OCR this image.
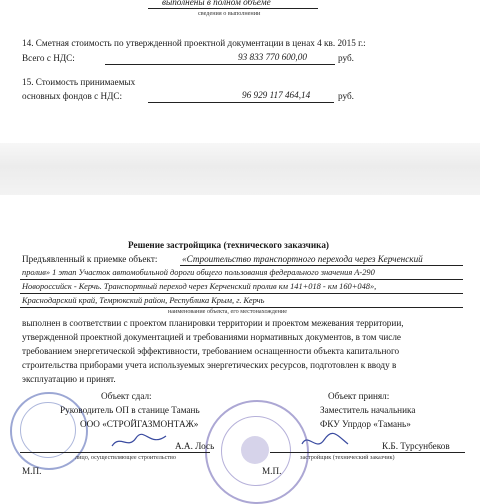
выполнены в полном объёме
сведения о выполнении
14. Сметная стоимость по утвержденной проектной документации в ценах 4 кв. 2015 г.:
Всего с НДС:	93 833 770 600,00	руб.
15. Стоимость принимаемых
основных фондов с НДС:	96 929 117 464,14	руб.
Решение застройщика (технического заказчика)
Предъявленный к приемке объект:	«Строительство транспортного перехода через Керченский
пролив» 1 этап Участок автомобильной дороги общего пользования федерального значения А-290
Новороссийск - Керчь. Транспортный переход через Керченский пролив км 141+018 - км 160+048»,
Краснодарский край, Темрюкский район, Республика Крым, г. Керчь
наименование объекта, его местонахождение
выполнен в соответствии с проектом планировки территории и проектом межевания территории,
утвержденной проектной документацией и требованиями нормативных документов, в том числе
требованием энергетической эффективности, требованием оснащенности объекта капитального
строительства приборами учета используемых энергетических ресурсов, подготовлен к вводу в
эксплуатацию и принят.
Объект сдал:
Руководитель ОП в станице Тамань
ООО «СТРОЙГАЗМОНТАЖ»
А.А. Лось
лицо, осуществляющее строительство
М.П.
Объект принял:
Заместитель начальника
ФКУ Упрдор «Тамань»
К.Б. Турсунбеков
застройщик (технический заказчик)
М.П.
